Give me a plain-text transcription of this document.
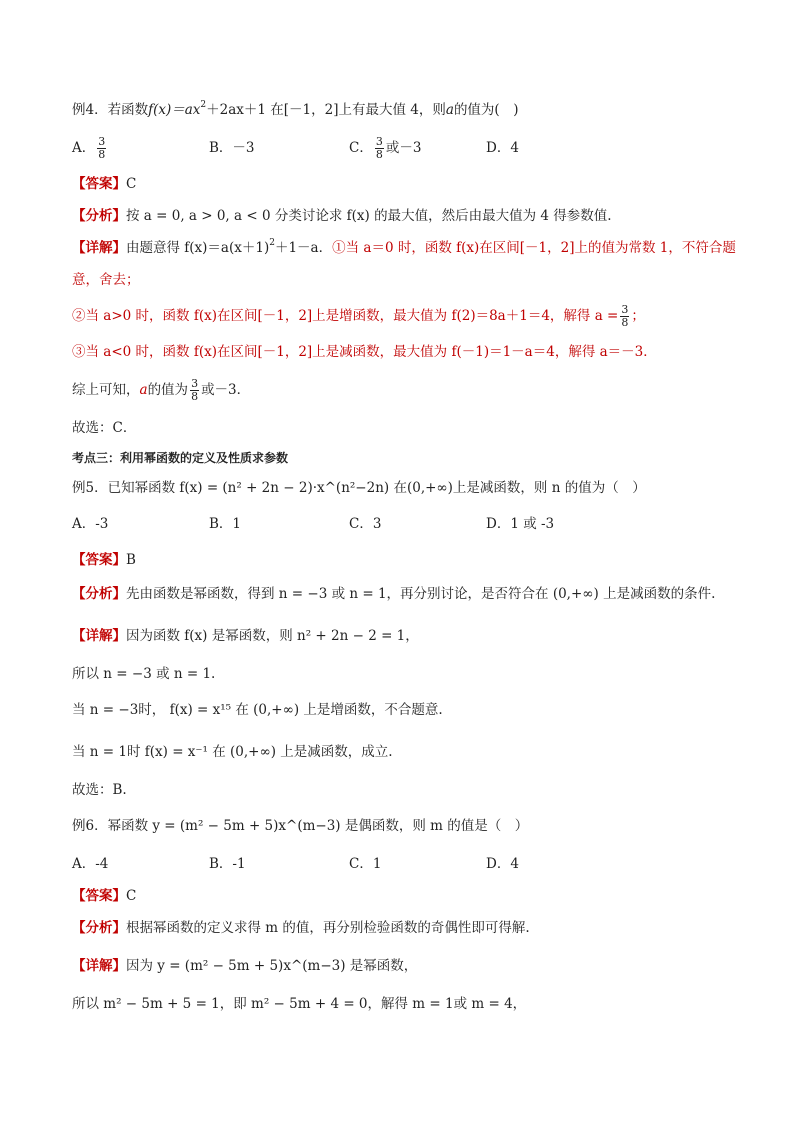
例4．若函数$f(x)=ax^2+2ax+1$ 在[－1，2]上有最大值 4，则a的值为(　)
A． $\frac{3}{8}$	B．－3	C． $\frac{3}{8}$ 或－3	D．4
【答案】C
【分析】按 a = 0, a > 0, a < 0 分类讨论求 f(x) 的最大值，然后由最大值为 4 得参数值.
【详解】由题意得 $f(x)=a(x+1)^2+1-a$．①当 a＝0 时，函数 f(x)在区间[－1，2]上的值为常数 1，不符合题
意，舍去；
②当 a>0 时，函数 f(x)在区间[－1，2]上是增函数，最大值为 f(2)＝8a＋1＝4，解得 $a = \frac{3}{8}$ ；
③当 a<0 时，函数 f(x)在区间[－1，2]上是减函数，最大值为 f(－1)＝1－a＝4，解得 a＝－3．
综上可知，a的值为 $\frac{3}{8}$ 或－3．
故选：C．
考点三：利用幂函数的定义及性质求参数
例5．已知幂函数 f(x) = (n² + 2n − 2)·x^(n²−2n) 在(0,+∞)上是减函数，则 n 的值为（　）
A．-3	B．1	C．3	D．1 或 -3
【答案】B
【分析】先由函数是幂函数，得到 n = −3 或 n = 1，再分别讨论，是否符合在 (0,+∞) 上是减函数的条件.
【详解】因为函数 f(x) 是幂函数，则 n² + 2n − 2 = 1，
所以 n = −3 或 n = 1.
当 n = −3时， f(x) = x¹⁵ 在 (0,+∞) 上是增函数，不合题意.
当 n = 1时 f(x) = x⁻¹ 在 (0,+∞) 上是减函数，成立.
故选：B.
例6．幂函数 y = (m² − 5m + 5)x^(m−3) 是偶函数，则 m 的值是（　）
A．-4	B．-1	C．1	D．4
【答案】C
【分析】根据幂函数的定义求得 m 的值，再分别检验函数的奇偶性即可得解.
【详解】因为 y = (m² − 5m + 5)x^(m−3) 是幂函数，
所以 m² − 5m + 5 = 1，即 m² − 5m + 4 = 0，解得 m = 1或 m = 4，
